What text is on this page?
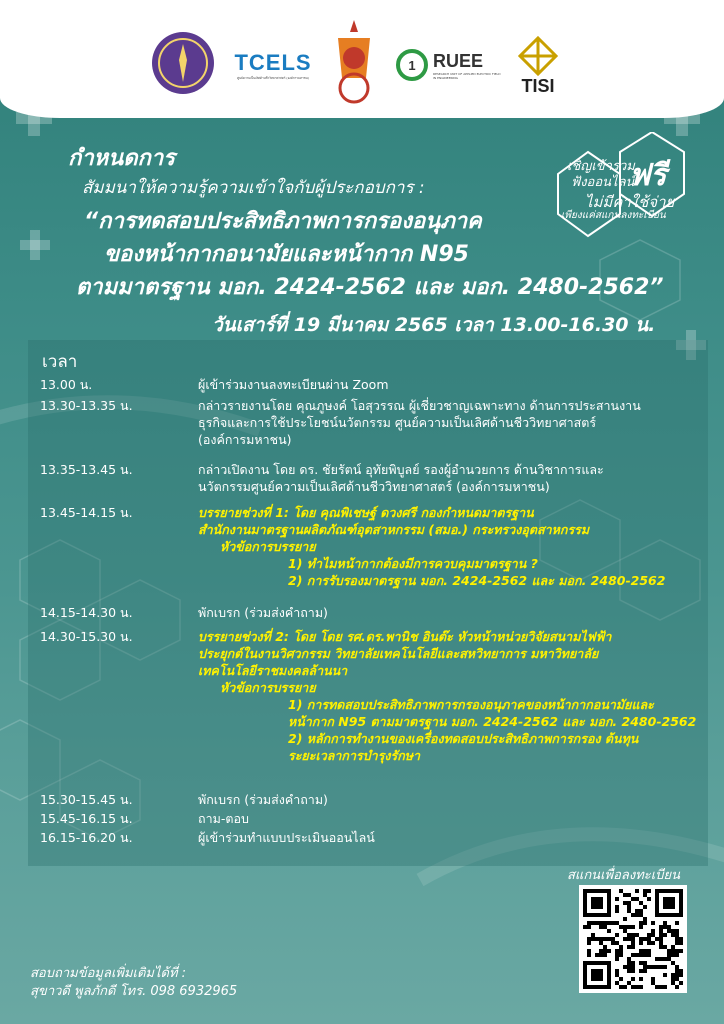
TCELS
ศูนย์ความเป็นเลิศด้านชีววิทยาศาสตร์ (องค์การมหาชน)
1 RUEE
RESEARCH UNIT OF APPLIED ELECTRIC FIELD IN ENGINEERING	TISI
กำหนดการ
สัมมนาให้ความรู้ความเข้าใจกับผู้ประกอบการ :
“การทดสอบประสิทธิภาพการกรองอนุภาค
ของหน้ากากอนามัยและหน้ากาก N95
ตามมาตรฐาน มอก. 2424-2562 และ มอก. 2480-2562”
วันเสาร์ที่ 19 มีนาคม 2565 เวลา 13.00-16.30 น.
เชิญเข้าร่วม
ฟังออนไลน์
ฟรี
ไม่มีค่าใช้จ่าย
เพียงแค่สแกนลงทะเบียน
เวลา
13.00 น.	ผู้เข้าร่วมงานลงทะเบียนผ่าน Zoom
13.30-13.35 น.	กล่าวรายงานโดย คุณภูษงค์ โอสุวรรณ ผู้เชี่ยวชาญเฉพาะทาง ด้านการประสานงาน
ธุรกิจและการใช้ประโยชน์นวัตกรรม ศูนย์ความเป็นเลิศด้านชีววิทยาศาสตร์
(องค์การมหาชน)
13.35-13.45 น.	กล่าวเปิดงาน โดย ดร. ชัยรัตน์ อุทัยพิบูลย์ รองผู้อำนวยการ ด้านวิชาการและ
นวัตกรรมศูนย์ความเป็นเลิศด้านชีววิทยาศาสตร์ (องค์การมหาชน)
13.45-14.15 น.	บรรยายช่วงที่ 1: โดย คุณพิเชษฐ์ ดวงศรี กองกำหนดมาตรฐาน
สำนักงานมาตรฐานผลิตภัณฑ์อุตสาหกรรม (สมอ.) กระทรวงอุตสาหกรรม
หัวข้อการบรรยาย
1) ทำไมหน้ากากต้องมีการควบคุมมาตรฐาน ?
2) การรับรองมาตรฐาน มอก. 2424-2562 และ มอก. 2480-2562
14.15-14.30 น.	พักเบรก (ร่วมส่งคำถาม)
14.30-15.30 น.	บรรยายช่วงที่ 2: โดย โดย รศ.ดร.พานิช อินต๊ะ หัวหน้าหน่วยวิจัยสนามไฟฟ้า
ประยุกต์ในงานวิศวกรรม วิทยาลัยเทคโนโลยีและสหวิทยาการ มหาวิทยาลัย
เทคโนโลยีราชมงคลล้านนา
หัวข้อการบรรยาย
1) การทดสอบประสิทธิภาพการกรองอนุภาคของหน้ากากอนามัยและ
หน้ากาก N95 ตามมาตรฐาน มอก. 2424-2562 และ มอก. 2480-2562
2) หลักการทำงานของเครื่องทดสอบประสิทธิภาพการกรอง ต้นทุน
ระยะเวลาการบำรุงรักษา
15.30-15.45 น.	พักเบรก (ร่วมส่งคำถาม)
15.45-16.15 น.	ถาม-ตอบ
16.15-16.20 น.	ผู้เข้าร่วมทำแบบประเมินออนไลน์
สแกนเพื่อลงทะเบียน
สอบถามข้อมูลเพิ่มเติมได้ที่ :
สุขาวดี พูลภักดี โทร. 098 6932965
